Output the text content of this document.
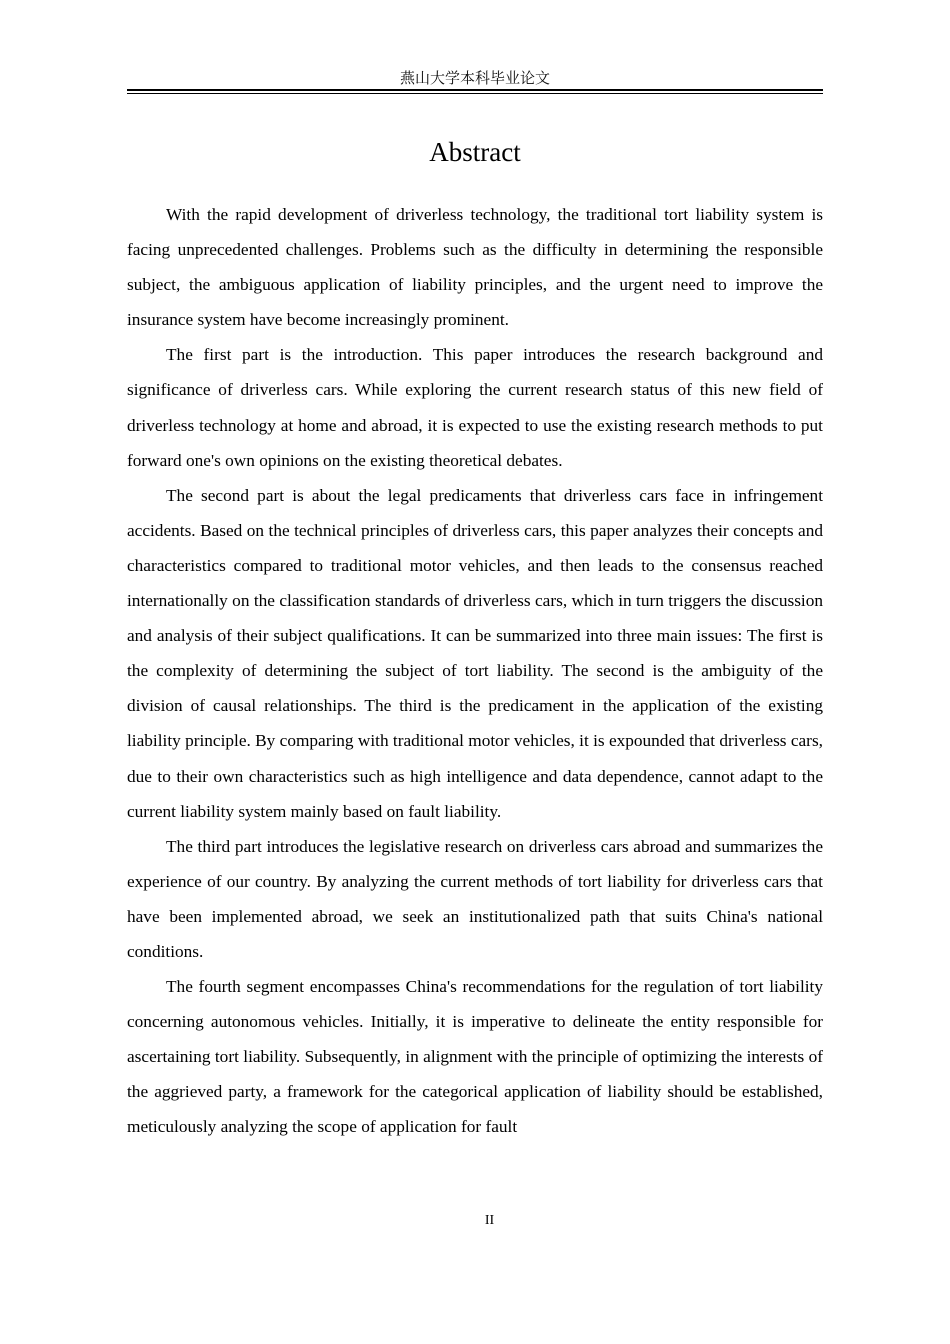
燕山大学本科毕业论文
Abstract

With the rapid development of driverless technology, the traditional tort liability system is facing unprecedented challenges. Problems such as the difficulty in determining the responsible subject, the ambiguous application of liability principles, and the urgent need to improve the insurance system have become increasingly prominent.

The first part is the introduction. This paper introduces the research background and significance of driverless cars. While exploring the current research status of this new field of driverless technology at home and abroad, it is expected to use the existing research methods to put forward one's own opinions on the existing theoretical debates.

The second part is about the legal predicaments that driverless cars face in infringement accidents. Based on the technical principles of driverless cars, this paper analyzes their concepts and characteristics compared to traditional motor vehicles, and then leads to the consensus reached internationally on the classification standards of driverless cars, which in turn triggers the discussion and analysis of their subject qualifications. It can be summarized into three main issues: The first is the complexity of determining the subject of tort liability. The second is the ambiguity of the division of causal relationships. The third is the predicament in the application of the existing liability principle. By comparing with traditional motor vehicles, it is expounded that driverless cars, due to their own characteristics such as high intelligence and data dependence, cannot adapt to the current liability system mainly based on fault liability.

The third part introduces the legislative research on driverless cars abroad and summarizes the experience of our country. By analyzing the current methods of tort liability for driverless cars that have been implemented abroad, we seek an institutionalized path that suits China's national conditions.

The fourth segment encompasses China's recommendations for the regulation of tort liability concerning autonomous vehicles. Initially, it is imperative to delineate the entity responsible for ascertaining tort liability. Subsequently, in alignment with the principle of optimizing the interests of the aggrieved party, a framework for the categorical application of liability should be established, meticulously analyzing the scope of application for fault

II
